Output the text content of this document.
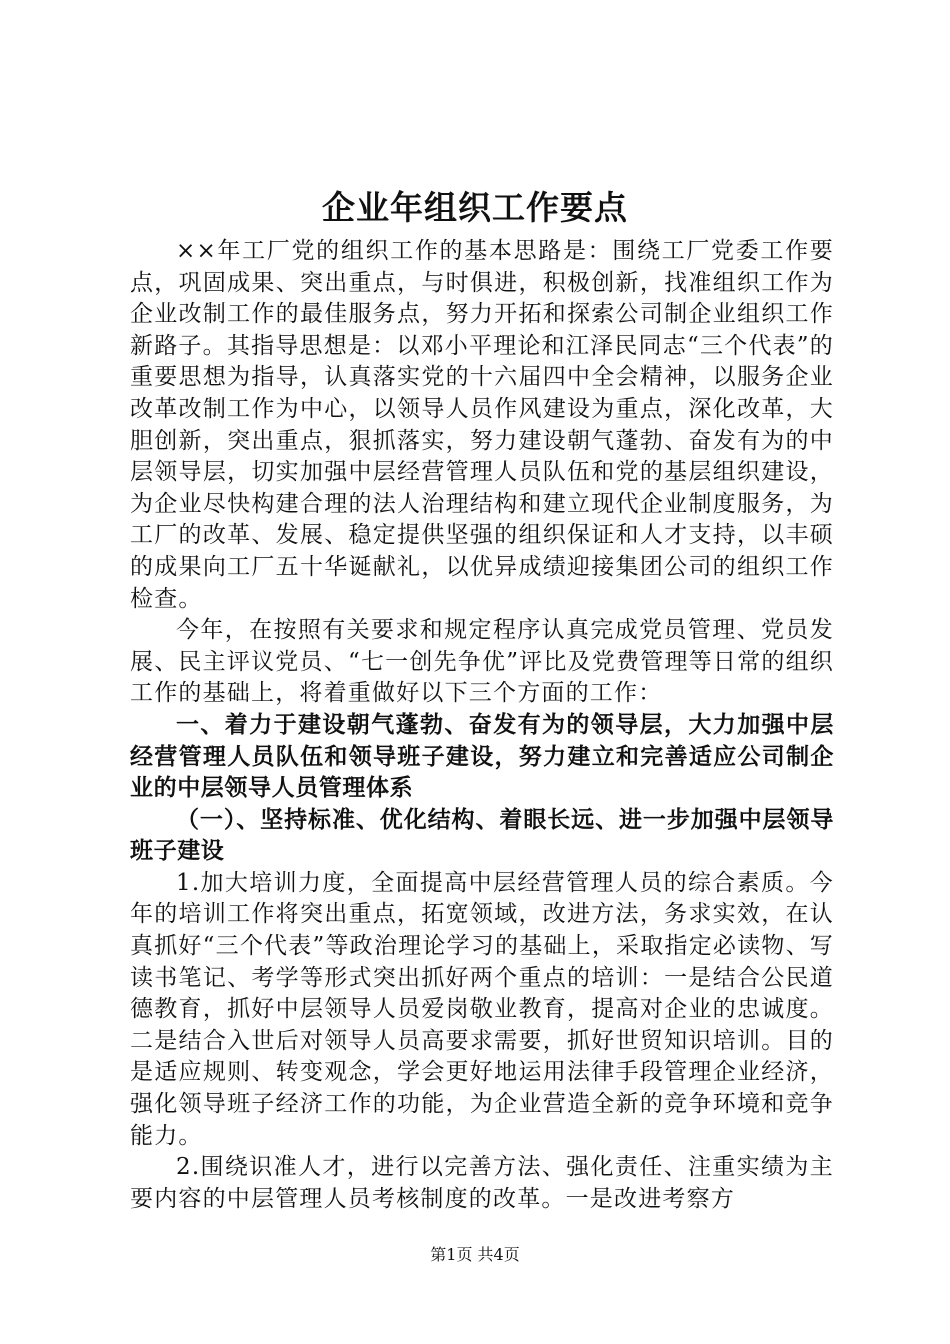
企业年组织工作要点

××年工厂党的组织工作的基本思路是：围绕工厂党委工作要点，巩固成果、突出重点，与时俱进，积极创新，找准组织工作为企业改制工作的最佳服务点，努力开拓和探索公司制企业组织工作新路子。其指导思想是：以邓小平理论和江泽民同志“三个代表”的重要思想为指导，认真落实党的十六届四中全会精神，以服务企业改革改制工作为中心，以领导人员作风建设为重点，深化改革，大胆创新，突出重点，狠抓落实，努力建设朝气蓬勃、奋发有为的中层领导层，切实加强中层经营管理人员队伍和党的基层组织建设，为企业尽快构建合理的法人治理结构和建立现代企业制度服务，为工厂的改革、发展、稳定提供坚强的组织保证和人才支持，以丰硕的成果向工厂五十华诞献礼，以优异成绩迎接集团公司的组织工作检查。

今年，在按照有关要求和规定程序认真完成党员管理、党员发展、民主评议党员、“七一创先争优”评比及党费管理等日常的组织工作的基础上，将着重做好以下三个方面的工作：

一、着力于建设朝气蓬勃、奋发有为的领导层，大力加强中层经营管理人员队伍和领导班子建设，努力建立和完善适应公司制企业的中层领导人员管理体系

（一）、坚持标准、优化结构、着眼长远、进一步加强中层领导班子建设

1.加大培训力度，全面提高中层经营管理人员的综合素质。今年的培训工作将突出重点，拓宽领域，改进方法，务求实效，在认真抓好“三个代表”等政治理论学习的基础上，采取指定必读物、写读书笔记、考学等形式突出抓好两个重点的培训：一是结合公民道德教育，抓好中层领导人员爱岗敬业教育，提高对企业的忠诚度。二是结合入世后对领导人员高要求需要，抓好世贸知识培训。目的是适应规则、转变观念，学会更好地运用法律手段管理企业经济，强化领导班子经济工作的功能，为企业营造全新的竞争环境和竞争能力。

2.围绕识准人才，进行以完善方法、强化责任、注重实绩为主要内容的中层管理人员考核制度的改革。一是改进考察方

第1页 共4页
